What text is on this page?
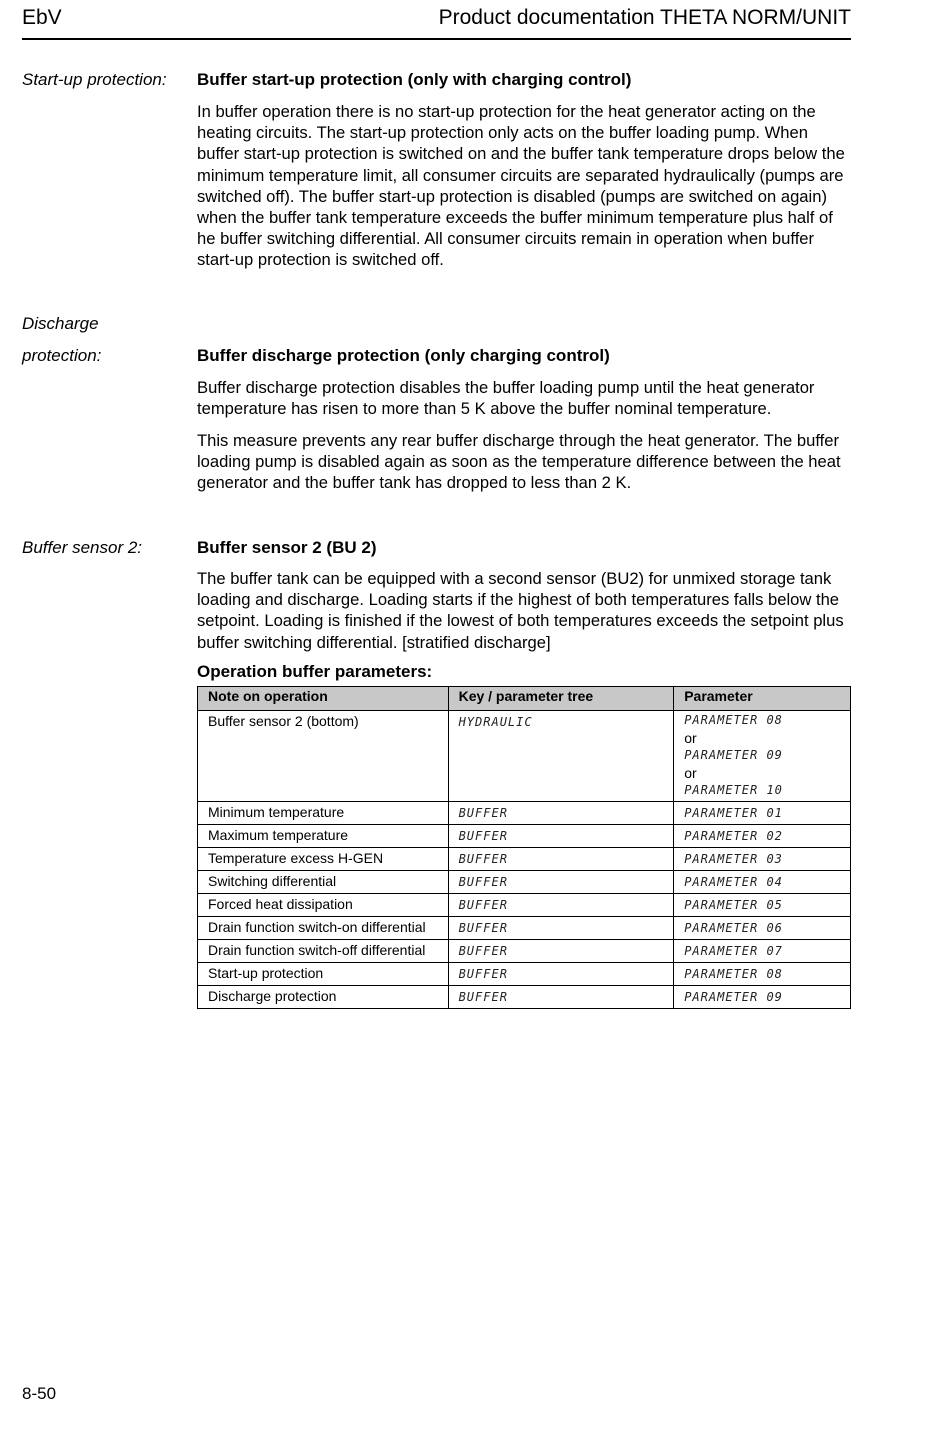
EbV	Product documentation THETA NORM/UNIT
Start-up protection: Buffer start-up protection (only with charging control)

In buffer operation there is no start-up protection for the heat generator acting on the heating circuits. The start-up protection only acts on the buffer loading pump. When buffer start-up protection is switched on and the buffer tank temperature drops below the minimum temperature limit, all consumer circuits are separated hydraulically (pumps are switched off). The buffer start-up protection is disabled (pumps are switched on again) when the buffer tank temperature exceeds the buffer minimum temperature plus half of he buffer switching differential. All consumer circuits remain in operation when buffer start-up protection is switched off.

Discharge
protection:	Buffer discharge protection (only charging control)

Buffer discharge protection disables the buffer loading pump until the heat generator temperature has risen to more than 5 K above the buffer nominal temperature.

This measure prevents any rear buffer discharge through the heat generator. The buffer loading pump is disabled again as soon as the temperature difference between the heat generator and the buffer tank has dropped to less than 2 K.

Buffer sensor 2:	Buffer sensor 2 (BU 2)

The buffer tank can be equipped with a second sensor (BU2) for unmixed storage tank loading and discharge. Loading starts if the highest of both temperatures falls below the setpoint. Loading is finished if the lowest of both temperatures exceeds the setpoint plus buffer switching differential. [stratified discharge]

Operation buffer parameters:
Note on operation	Key / parameter tree	Parameter
Buffer sensor 2 (bottom)	HYDRAULIC	PARAMETER 08
or
PARAMETER 09
or
PARAMETER 10

Minimum temperature	BUFFER	PARAMETER 01
Maximum temperature	BUFFER	PARAMETER 02
Temperature excess H-GEN	BUFFER	PARAMETER 03
Switching differential	BUFFER	PARAMETER 04
Forced heat dissipation	BUFFER	PARAMETER 05
Drain function switch-on differential	BUFFER	PARAMETER 06
Drain function switch-off differential	BUFFER	PARAMETER 07
Start-up protection	BUFFER	PARAMETER 08
Discharge protection	BUFFER	PARAMETER 09
8-50
